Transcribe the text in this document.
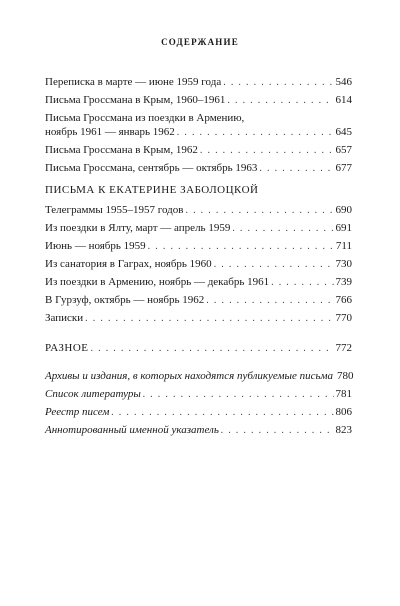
СОДЕРЖАНИЕ
Переписка в марте — июне 1959 года . . .	546
Письма Гроссмана в Крым, 1960–1961 . . .	614
Письма Гроссмана из поездки в Армению,
ноябрь 1961 — январь 1962 . . .	645
Письма Гроссмана в Крым, 1962 . . .	657
Письма Гроссмана, сентябрь — октябрь 1963 . . .	677
ПИСЬМА К ЕКАТЕРИНЕ ЗАБОЛОЦКОЙ
Телеграммы 1955–1957 годов . . .	690
Из поездки в Ялту, март — апрель 1959 . . .	691
Июнь — ноябрь 1959 . . .	711
Из санатория в Гаграх, ноябрь 1960 . . .	730
Из поездки в Армению, ноябрь — декабрь 1961 . . .	739
В Гурзуф, октябрь — ноябрь 1962 . . .	766
Записки . . .	770
РАЗНОЕ . . .	772
Архивы и издания, в которых находятся публикуемые письма 780
Список литературы . . .	781
Реестр писем . . .	806
Аннотированный именной указатель . . .	823
